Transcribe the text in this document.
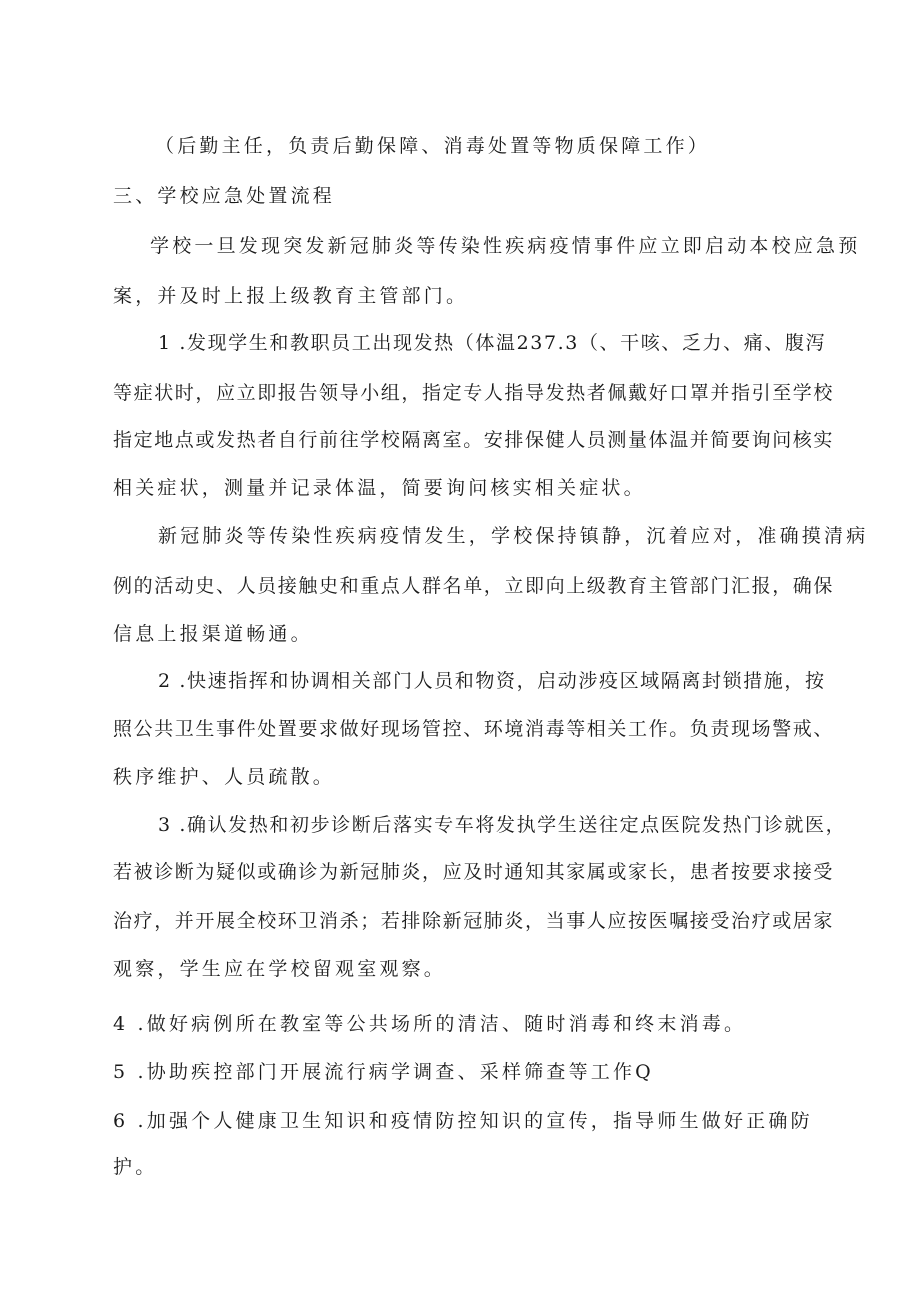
（后勤主任，负责后勤保障、消毒处置等物质保障工作）
三、学校应急处置流程
学校一旦发现突发新冠肺炎等传染性疾病疫情事件应立即启动本校应急预
案，并及时上报上级教育主管部门。
1 .发现学生和教职员工出现发热（体温237.3（、干咳、乏力、痛、腹泻
等症状时，应立即报告领导小组，指定专人指导发热者佩戴好口罩并指引至学校
指定地点或发热者自行前往学校隔离室。安排保健人员测量体温并简要询问核实
相关症状，测量并记录体温，简要询问核实相关症状。
新冠肺炎等传染性疾病疫情发生，学校保持镇静，沉着应对，准确摸清病
例的活动史、人员接触史和重点人群名单，立即向上级教育主管部门汇报，确保
信息上报渠道畅通。
2 .快速指挥和协调相关部门人员和物资，启动涉疫区域隔离封锁措施，按
照公共卫生事件处置要求做好现场管控、环境消毒等相关工作。负责现场警戒、
秩序维护、人员疏散。
3 .确认发热和初步诊断后落实专车将发执学生送往定点医院发热门诊就医，
若被诊断为疑似或确诊为新冠肺炎，应及时通知其家属或家长，患者按要求接受
治疗，并开展全校环卫消杀；若排除新冠肺炎，当事人应按医嘱接受治疗或居家
观察，学生应在学校留观室观察。
4 .做好病例所在教室等公共场所的清洁、随时消毒和终末消毒。
5 .协助疾控部门开展流行病学调查、采样筛查等工作Q
6 .加强个人健康卫生知识和疫情防控知识的宣传，指导师生做好正确防
护。
